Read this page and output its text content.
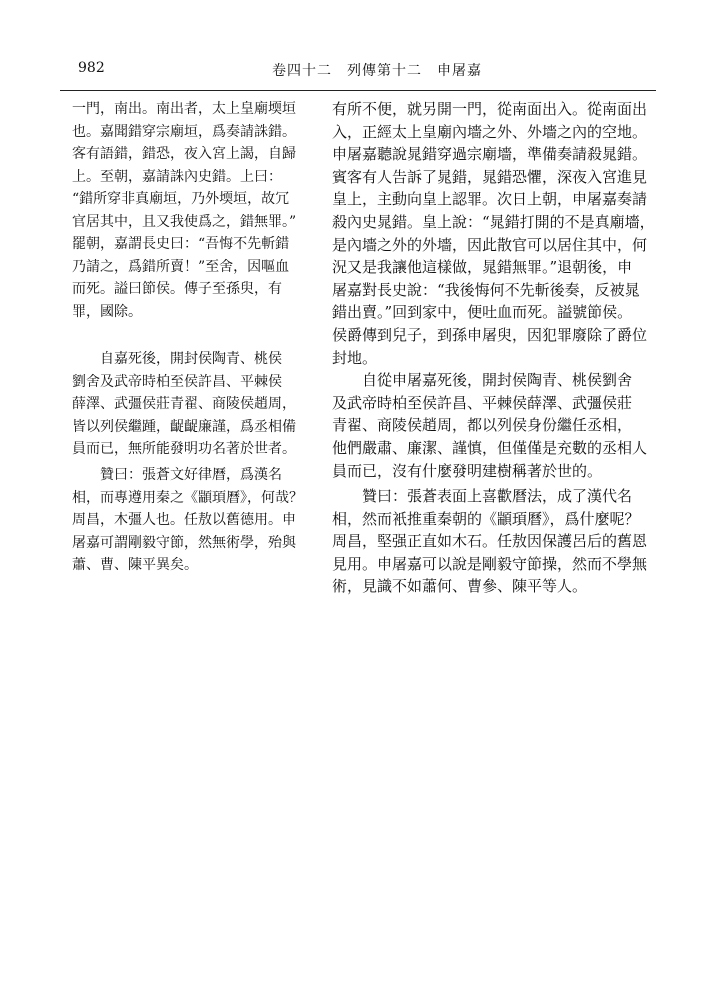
982	卷四十二　列傳第十二　申屠嘉

一門，南出。南出者，太上皇廟堧垣
也。嘉聞錯穿宗廟垣，爲奏請誅錯。
客有語錯，錯恐，夜入宮上謁，自歸
上。至朝，嘉請誅內史錯。上曰：
“錯所穿非真廟垣，乃外堧垣，故冗
官居其中，且又我使爲之，錯無罪。”
罷朝，嘉謂長史曰：“吾悔不先斬錯
乃請之，爲錯所賣！”至舍，因嘔血
而死。謚曰節侯。傳子至孫臾，有
罪，國除。

自嘉死後，開封侯陶青、桃侯
劉舍及武帝時柏至侯許昌、平棘侯
薛澤、武彊侯莊青翟、商陵侯趙周，
皆以列侯繼踵，齪齪廉謹，爲丞相備
員而已，無所能發明功名著於世者。

贊曰：張蒼文好律曆，爲漢名
相，而專遵用秦之《顓頊曆》，何哉？
周昌，木彊人也。任敖以舊德用。申
屠嘉可謂剛毅守節，然無術學，殆與
蕭、曹、陳平異矣。

有所不便，就另開一門，從南面出入。從南面出
入，正經太上皇廟內墻之外、外墻之內的空地。
申屠嘉聽說晁錯穿過宗廟墻，準備奏請殺晁錯。
賓客有人告訴了晁錯，晁錯恐懼，深夜入宮進見
皇上，主動向皇上認罪。次日上朝，申屠嘉奏請
殺內史晁錯。皇上說：“晁錯打開的不是真廟墻，
是內墻之外的外墻，因此散官可以居住其中，何
況又是我讓他這樣做，晁錯無罪。”退朝後，申
屠嘉對長史說：“我後悔何不先斬後奏，反被晁
錯出賣。”回到家中，便吐血而死。謚號節侯。
侯爵傳到兒子，到孫申屠臾，因犯罪廢除了爵位
封地。

自從申屠嘉死後，開封侯陶青、桃侯劉舍
及武帝時柏至侯許昌、平棘侯薛澤、武彊侯莊
青翟、商陵侯趙周，都以列侯身份繼任丞相，
他們嚴肅、廉潔、謹慎，但僅僅是充數的丞相人
員而已，沒有什麼發明建樹稱著於世的。

贊曰：張蒼表面上喜歡曆法，成了漢代名
相，然而衹推重秦朝的《顓頊曆》，爲什麼呢？
周昌，堅强正直如木石。任敖因保護呂后的舊恩
見用。申屠嘉可以說是剛毅守節操，然而不學無
術，見識不如蕭何、曹參、陳平等人。
